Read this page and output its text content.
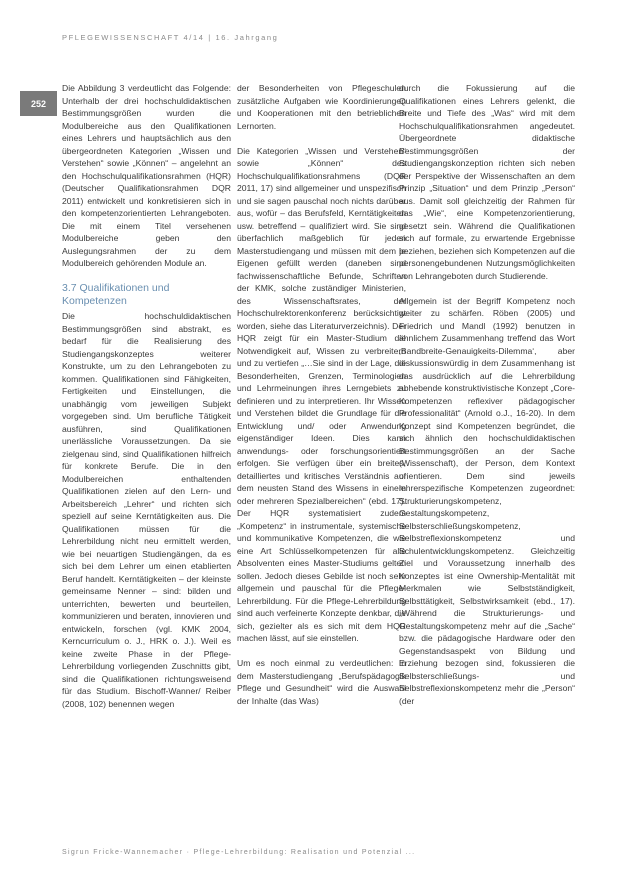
PFLEGEWISSENSCHAFT 4/14 | 16. Jahrgang
252

Die Abbildung 3 verdeutlicht das Folgende: Unterhalb der drei hochschuldidaktischen Bestimmungsgrößen wurden die Modulbereiche aus den Qualifikationen eines Lehrers und hauptsächlich aus den übergeordneten Kategorien „Wissen und Verstehen“ sowie „Können“ – angelehnt an den Hochschulqualifikationsrahmen (HQR) (Deutscher Qualifikationsrahmen DQR 2011) entwickelt und konkretisieren sich in den kompetenzorientierten Lehrangeboten. Die mit einem Titel versehenen Modulbereiche geben den Auslegungsrahmen der zu dem Modulbereich gehörenden Module an.

3.7 Qualifikationen und Kompetenzen

Die hochschuldidaktischen Bestimmungsgrößen sind abstrakt, es bedarf für die Realisierung des Studiengangskonzeptes weiterer Konstrukte, um zu den Lehrangeboten zu kommen. Qualifikationen sind Fähigkeiten, Fertigkeiten und Einstellungen, die unabhängig vom jeweiligen Subjekt vorgegeben sind. Um berufliche Tätigkeit ausführen, sind Qualifikationen unerlässliche Voraussetzungen. Da sie zielgenau sind, sind Qualifikationen hilfreich für konkrete Berufe. Die in den Modulbereichen enthaltenden Qualifikationen zielen auf den Lern- und Arbeitsbereich „Lehrer“ und richten sich speziell auf seine Kerntätigkeiten aus. Die Qualifikationen müssen für die Lehrerbildung nicht neu ermittelt werden, wie bei neuartigen Studiengängen, da es sich bei dem Lehrer um einen etablierten Beruf handelt. Kerntätigkeiten – der kleinste gemeinsame Nenner – sind: bilden und unterrichten, bewerten und beurteilen, kommunizieren und beraten, innovieren und entwickeln, forschen (vgl. KMK 2004, Kerncurriculum o. J., HRK o. J.). Weil es keine zweite Phase in der Pflege-Lehrerbildung vorliegenden Zuschnitts gibt, sind die Qualifikationen richtungsweisend für das Studium. Bischoff-Wanner/ Reiber (2008, 102) benennen wegen

der Besonderheiten von Pflegeschulen zusätzliche Aufgaben wie Koordinierungen und Kooperationen mit den betrieblichen Lernorten.

Die Kategorien „Wissen und Verstehen“ sowie „Können“ des Hochschulqualifikationsrahmens (DQR 2011, 17) sind allgemeiner und unspezifisch und sie sagen pauschal noch nichts darüber aus, wofür – das Berufsfeld, Kerntätigkeiten usw. betreffend – qualifiziert wird. Sie sind überfachlich maßgeblich für jeden Masterstudiengang und müssen mit dem je Eigenen gefüllt werden (daneben sind fachwissenschaftliche Befunde, Schriften der KMK, solche zuständiger Ministerien, des Wissenschaftsrates, der Hochschulrektorenkonferenz berücksichtigt worden, siehe das Literaturverzeichnis). Der HQR zeigt für ein Master-Studium die Notwendigkeit auf, Wissen zu verbreitern und zu vertiefen „…Sie sind in der Lage, die Besonderheiten, Grenzen, Terminologien und Lehrmeinungen ihres Lerngebiets zu definieren und zu interpretieren. Ihr Wissen und Verstehen bildet die Grundlage für die Entwicklung und/ oder Anwendung eigenständiger Ideen. Dies kann anwendungs- oder forschungsorientiert erfolgen. Sie verfügen über ein breites, detailliertes und kritisches Verständnis auf dem neusten Stand des Wissens in einem oder mehreren Spezialbereichen“ (ebd. 17). Der HQR systematisiert zudem „Kompetenz“ in instrumentale, systemische und kommunikative Kompetenzen, die wie eine Art Schlüsselkompetenzen für alle Absolventen eines Master-Studiums gelten sollen. Jedoch dieses Gebilde ist noch sehr allgemein und pauschal für die Pflege-Lehrerbildung. Für die Pflege-Lehrerbildung sind auch verfeinerte Konzepte denkbar, die sich, gezielter als es sich mit dem HQR machen lässt, auf sie einstellen.

Um es noch einmal zu verdeutlichen: In dem Masterstudiengang „Berufspädagogik Pflege und Gesundheit“ wird die Auswahl der Inhalte (das Was)

durch die Fokussierung auf die Qualifikationen eines Lehrers gelenkt, die Breite und Tiefe des „Was“ wird mit dem Hochschulqualifikationsrahmen angedeutet. Übergeordnete didaktische Bestimmungsgrößen der Studiengangskonzeption richten sich neben der Perspektive der Wissenschaften an dem Prinzip „Situation“ und dem Prinzip „Person“ aus. Damit soll gleichzeitig der Rahmen für das „Wie“, eine Kompetenzorientierung, gesetzt sein. Während die Qualifikationen sich auf formale, zu erwartende Ergebnisse beziehen, beziehen sich Kompetenzen auf die personengebundenen Nutzungsmöglichkeiten von Lehrangeboten durch Studierende.

Allgemein ist der Begriff Kompetenz noch weiter zu schärfen. Röben (2005) und Friedrich und Mandl (1992) benutzen in ähnlichem Zusammenhang treffend das Wort ‚Bandbreite-Genauigkeits-Dilemma‘, aber diskussionswürdig in dem Zusammenhang ist das ausdrücklich auf die Lehrerbildung abhebende konstruktivistische Konzept „Core-Kompetenzen reflexiver pädagogischer Professionalität“ (Arnold o.J., 16-20). In dem Konzept sind Kompetenzen begründet, die sich ähnlich den hochschuldidaktischen Bestimmungsgrößen an der Sache (Wissenschaft), der Person, dem Kontext orientieren. Dem sind jeweils lehrerspezifische Kompetenzen zugeordnet: Strukturierungskompetenz, Gestaltungskompetenz, Selbsterschließungskompetenz, Selbstreflexionskompetenz und Schulentwicklungskompetenz. Gleichzeitig Ziel und Voraussetzung innerhalb des Konzeptes ist eine Ownership-Mentalität mit Merkmalen wie Selbstständigkeit, Selbsttätigkeit, Selbstwirksamkeit (ebd., 17). „Während die Strukturierungs- und Gestaltungskompetenz mehr auf die „Sache“ bzw. die pädagogische Hardware oder den Gegenstandsaspekt von Bildung und Erziehung bezogen sind, fokussieren die Selbsterschließungs- und Selbstreflexionskompetenz mehr die „Person“ (der

Sigrun Fricke-Wannemacher · Pflege-Lehrerbildung: Realisation und Potenzial ...
